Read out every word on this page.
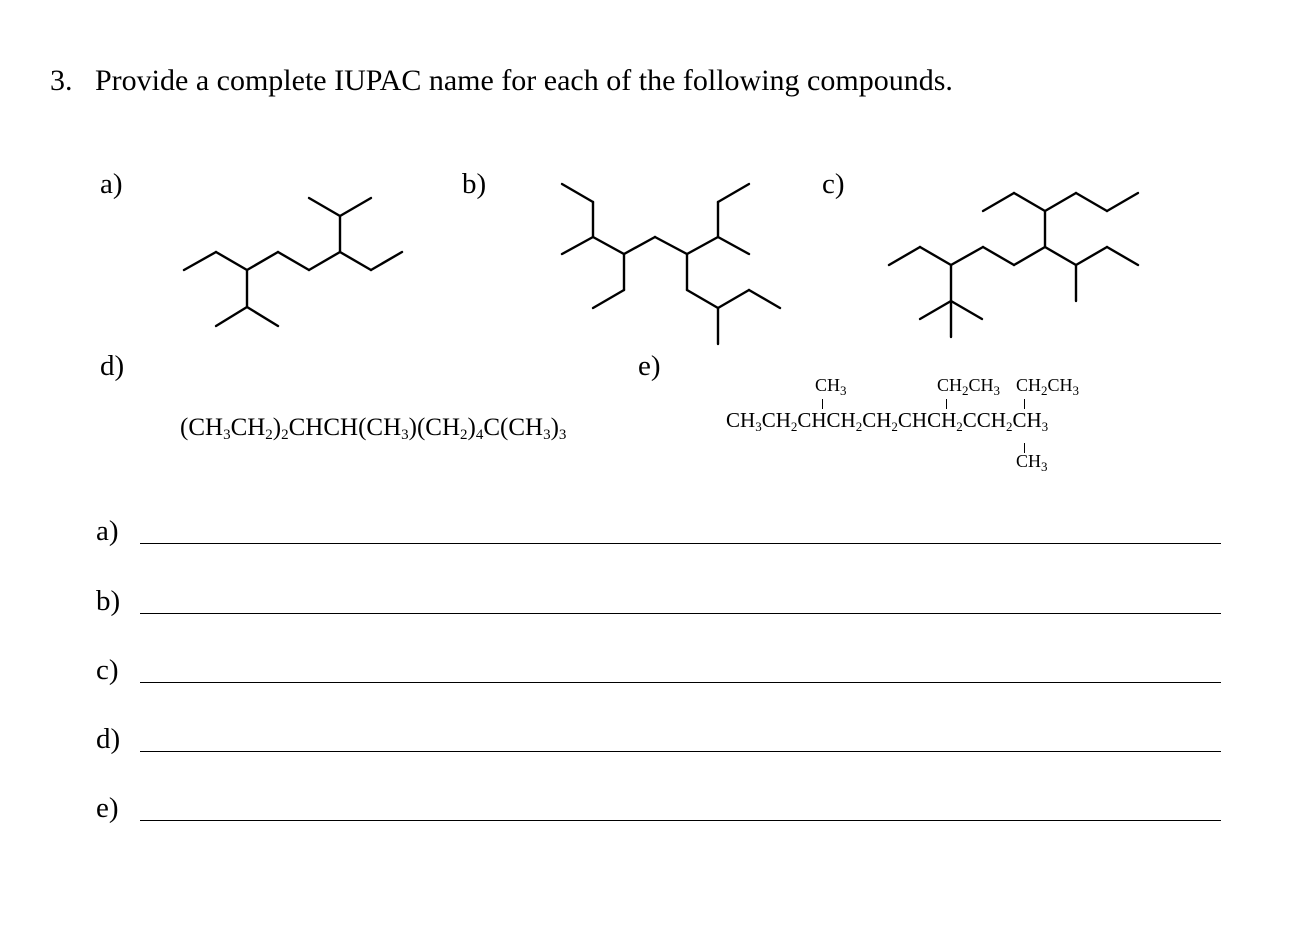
3. Provide a complete IUPAC name for each of the following compounds.
a)	b)	c)
d)	e)
$(CH_3CH_2)_2CHCH(CH_3)(CH_2)_4C(CH_3)_3$
$CH_3$	$CH_2CH_3$ $CH_2CH_3$
$CH_3CH_2CHCH_2CH_2CHCH_2CCH_2CH_3$
$CH_3$
a)
b)
c)
d)
e)
